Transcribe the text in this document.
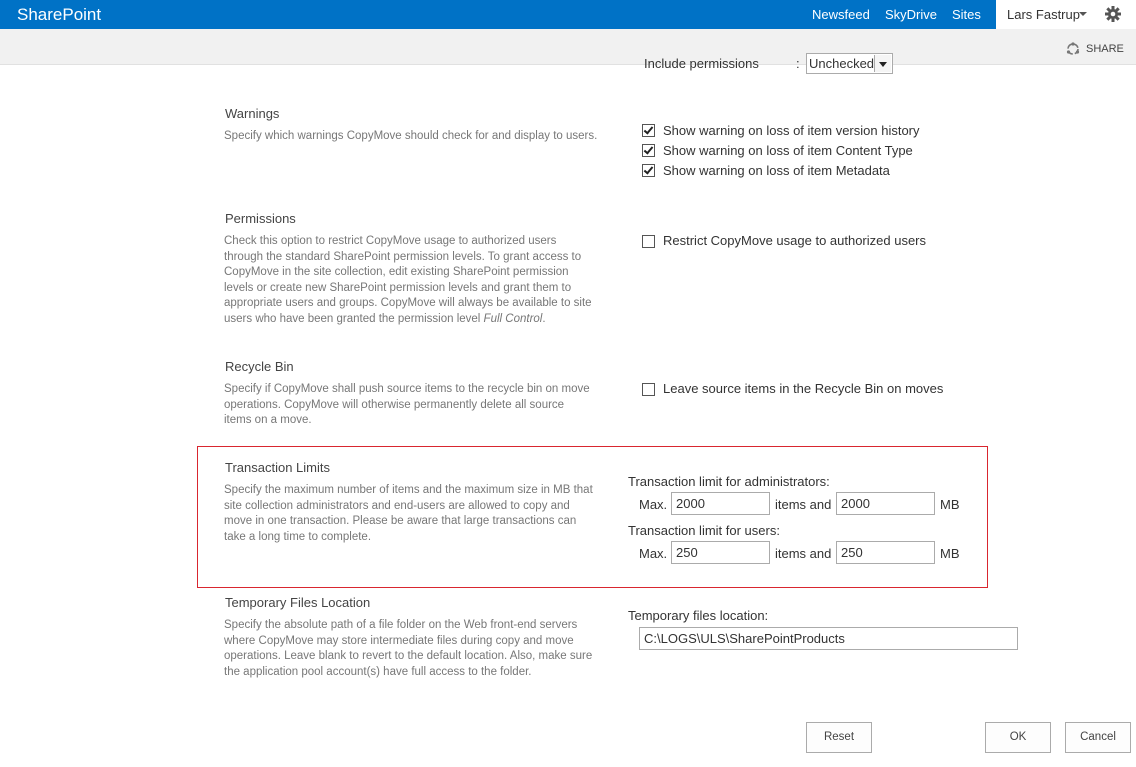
SharePoint	Newsfeed SkyDrive Sites Lars Fastrup
SHARE
Include permissions	: Unchecked
Warnings
Specify which warnings CopyMove should check for and display to users.	Show warning on loss of item version history
Show warning on loss of item Content Type
Show warning on loss of item Metadata
Permissions
Check this option to restrict CopyMove usage to authorized users
through the standard SharePoint permission levels. To grant access to
CopyMove in the site collection, edit existing SharePoint permission
levels or create new SharePoint permission levels and grant them to
appropriate users and groups. CopyMove will always be available to site
users who have been granted the permission level Full Control.
Restrict CopyMove usage to authorized users
Recycle Bin
Specify if CopyMove shall push source items to the recycle bin on move
operations. CopyMove will otherwise permanently delete all source
items on a move.
Leave source items in the Recycle Bin on moves
Transaction Limits
Specify the maximum number of items and the maximum size in MB that
site collection administrators and end-users are allowed to copy and
move in one transaction. Please be aware that large transactions can
take a long time to complete.
Transaction limit for administrators:
Max.
2000	items and
2000	MB
Transaction limit for users:
Max.
250	items and
250	MB
Temporary Files Location
Specify the absolute path of a file folder on the Web front-end servers
where CopyMove may store intermediate files during copy and move
operations. Leave blank to revert to the default location. Also, make sure
the application pool account(s) have full access to the folder.
Temporary files location:
C:\LOGS\ULS\SharePointProducts
Reset	OK	Cancel
